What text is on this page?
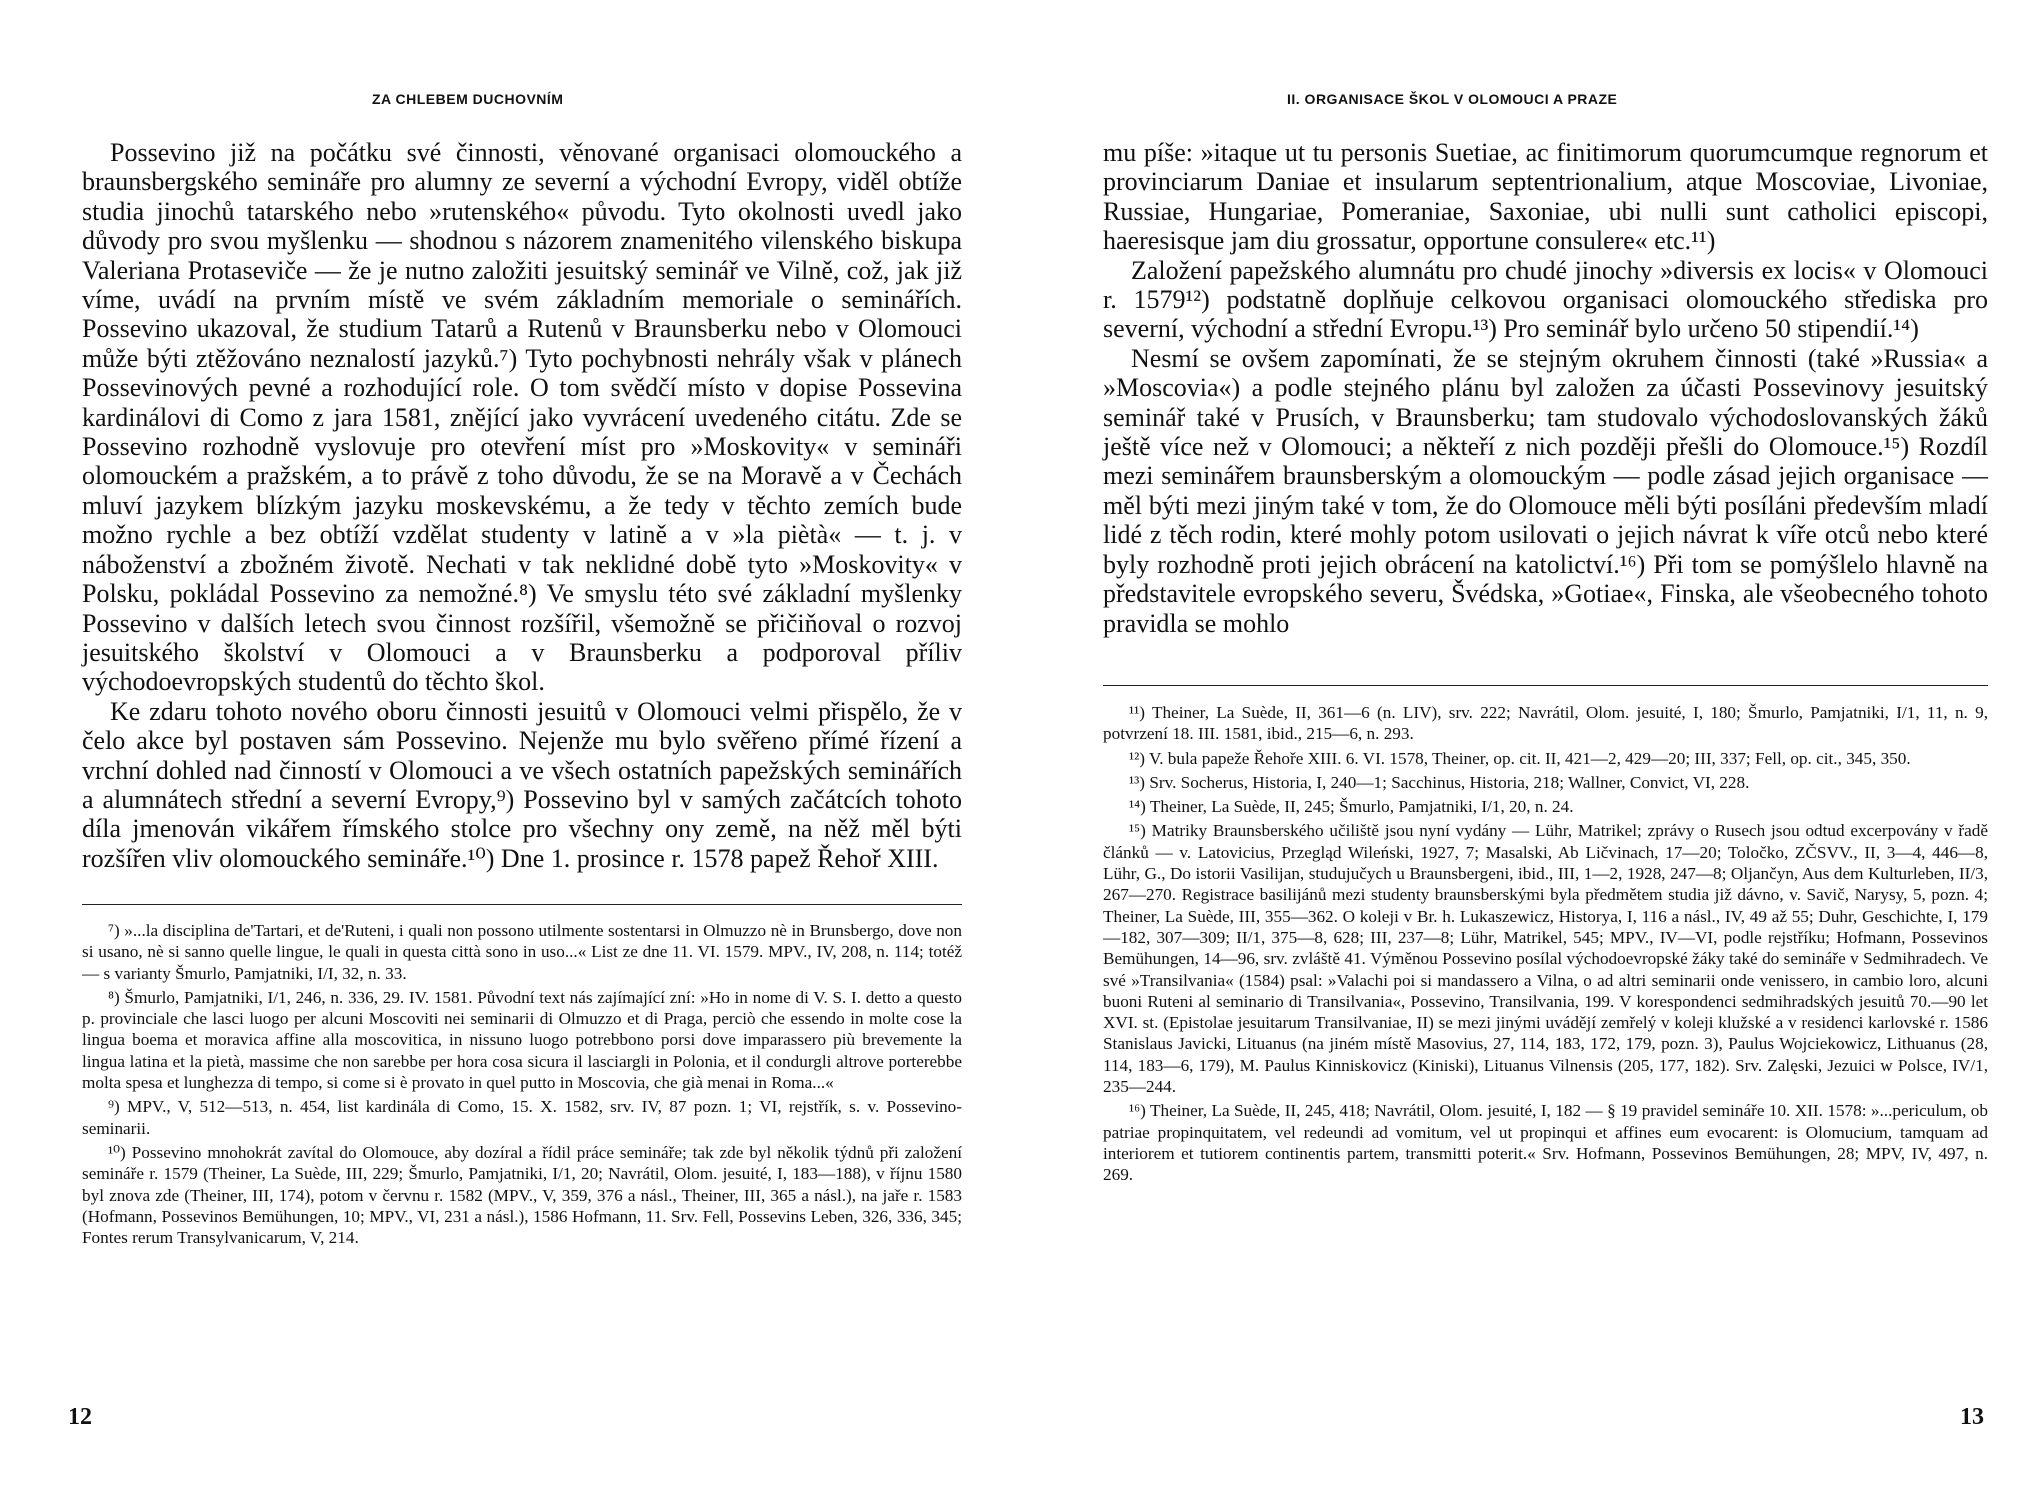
ZA CHLEBEM DUCHOVNÍM

Possevino již na počátku své činnosti, věnované organisaci olomouckého a braunsbergského semináře pro alumny ze severní a východní Evropy, viděl obtíže studia jinochů tatarského nebo »rutenského« původu. Tyto okolnosti uvedl jako důvody pro svou myšlenku — shodnou s názorem znamenitého vilenského biskupa Valeriana Protaseviče — že je nutno založiti jesuitský seminář ve Vilně, což, jak již víme, uvádí na prvním místě ve svém základním memoriale o seminářích. Possevino ukazoval, že studium Tatarů a Rutenů v Braunsberku nebo v Olomouci může býti ztěžováno neznalostí jazyků.⁷) Tyto pochybnosti nehrály však v plánech Possevinových pevné a rozhodující role. O tom svědčí místo v dopise Possevina kardinálovi di Como z jara 1581, znějící jako vyvrácení uvedeného citátu. Zde se Possevino rozhodně vyslovuje pro otevření míst pro »Moskovity« v semináři olomouckém a pražském, a to právě z toho důvodu, že se na Moravě a v Čechách mluví jazykem blízkým jazyku moskevskému, a že tedy v těchto zemích bude možno rychle a bez obtíží vzdělat studenty v latině a v »la piètà« — t. j. v náboženství a zbožném životě. Nechati v tak neklidné době tyto »Moskovity« v Polsku, pokládal Possevino za nemožné.⁸) Ve smyslu této své základní myšlenky Possevino v dalších letech svou činnost rozšířil, všemožně se přičiňoval o rozvoj jesuitského školství v Olomouci a v Braunsberku a podporoval příliv východoevropských studentů do těchto škol.

Ke zdaru tohoto nového oboru činnosti jesuitů v Olomouci velmi přispělo, že v čelo akce byl postaven sám Possevino. Nejenže mu bylo svěřeno přímé řízení a vrchní dohled nad činností v Olomouci a ve všech ostatních papežských seminářích a alumnátech střední a severní Evropy,⁹) Possevino byl v samých začátcích tohoto díla jmenován vikářem římského stolce pro všechny ony země, na něž měl býti rozšířen vliv olomouckého semináře.¹⁰) Dne 1. prosince r. 1578 papež Řehoř XIII.

⁷) »...la disciplina de'Tartari, et de'Ruteni, i quali non possono utilmente sostentarsi in Olmuzzo nè in Brunsbergo, dove non si usano, nè si sanno quelle lingue, le quali in questa città sono in uso...« List ze dne 11. VI. 1579. MPV., IV, 208, n. 114; totéž — s varianty Šmurlo, Pamjatniki, I/I, 32, n. 33.

⁸) Šmurlo, Pamjatniki, I/1, 246, n. 336, 29. IV. 1581. Původní text nás zajímající zní: »Ho in nome di V. S. I. detto a questo p. provinciale che lasci luogo per alcuni Moscoviti nei seminarii di Olmuzzo et di Praga, perciò che essendo in molte cose la lingua boema et moravica affine alla moscovitica, in nissuno luogo potrebbono porsi dove imparassero più brevemente la lingua latina et la pietà, massime che non sarebbe per hora cosa sicura il lasciargli in Polonia, et il condurgli altrove porterebbe molta spesa et lunghezza di tempo, si come si è provato in quel putto in Moscovia, che già menai in Roma...«

⁹) MPV., V, 512—513, n. 454, list kardinála di Como, 15. X. 1582, srv. IV, 87 pozn. 1; VI, rejstřík, s. v. Possevino-seminarii.

¹⁰) Possevino mnohokrát zavítal do Olomouce, aby dozíral a řídil práce semináře; tak zde byl několik týdnů při založení semináře r. 1579 (Theiner, La Suède, III, 229; Šmurlo, Pamjatniki, I/1, 20; Navrátil, Olom. jesuité, I, 183—188), v říjnu 1580 byl znova zde (Theiner, III, 174), potom v červnu r. 1582 (MPV., V, 359, 376 a násl., Theiner, III, 365 a násl.), na jaře r. 1583 (Hofmann, Possevinos Bemühungen, 10; MPV., VI, 231 a násl.), 1586 Hofmann, 11. Srv. Fell, Possevins Leben, 326, 336, 345; Fontes rerum Transylvanicarum, V, 214.

12
II. ORGANISACE ŠKOL V OLOMOUCI A PRAZE

mu píše: »itaque ut tu personis Suetiae, ac finitimorum quorumcumque regnorum et provinciarum Daniae et insularum septentrionalium, atque Moscoviae, Livoniae, Russiae, Hungariae, Pomeraniae, Saxoniae, ubi nulli sunt catholici episcopi, haeresisque jam diu grossatur, opportune consulere« etc.¹¹)

Založení papežského alumnátu pro chudé jinochy »diversis ex locis« v Olomouci r. 1579¹²) podstatně doplňuje celkovou organisaci olomouckého střediska pro severní, východní a střední Evropu.¹³) Pro seminář bylo určeno 50 stipendií.¹⁴)

Nesmí se ovšem zapomínati, že se stejným okruhem činnosti (také »Russia« a »Moscovia«) a podle stejného plánu byl založen za účasti Possevinovy jesuitský seminář také v Prusích, v Braunsberku; tam studovalo východoslovanských žáků ještě více než v Olomouci; a někteří z nich později přešli do Olomouce.¹⁵) Rozdíl mezi seminářem braunsberským a olomouckým — podle zásad jejich organisace — měl býti mezi jiným také v tom, že do Olomouce měli býti posíláni především mladí lidé z těch rodin, které mohly potom usilovati o jejich návrat k víře otců nebo které byly rozhodně proti jejich obrácení na katolictví.¹⁶) Při tom se pomýšlelo hlavně na představitele evropského severu, Švédska, »Gotiae«, Finska, ale všeobecného tohoto pravidla se mohlo

¹¹) Theiner, La Suède, II, 361—6 (n. LIV), srv. 222; Navrátil, Olom. jesuité, I, 180; Šmurlo, Pamjatniki, I/1, 11, n. 9, potvrzení 18. III. 1581, ibid., 215—6, n. 293.

¹²) V. bula papeže Řehoře XIII. 6. VI. 1578, Theiner, op. cit. II, 421—2, 429—20; III, 337; Fell, op. cit., 345, 350.

¹³) Srv. Socherus, Historia, I, 240—1; Sacchinus, Historia, 218; Wallner, Convict, VI, 228.

¹⁴) Theiner, La Suède, II, 245; Šmurlo, Pamjatniki, I/1, 20, n. 24.

¹⁵) Matriky Braunsberského učiliště jsou nyní vydány — Lühr, Matrikel; zprávy o Rusech jsou odtud excerpovány v řadě článků — v. Latovicius, Przegląd Wileński, 1927, 7; Masalski, Ab Ličvinach, 17—20; Toločko, ZČSVV., II, 3—4, 446—8, Lühr, G., Do istorii Vasilijan, studujučych u Braunsbergeni, ibid., III, 1—2, 1928, 247—8; Oljančyn, Aus dem Kulturleben, II/3, 267—270. Registrace basilijánů mezi studenty braunsberskými byla předmětem studia již dávno, v. Savič, Narysy, 5, pozn. 4; Theiner, La Suède, III, 355—362. O koleji v Br. h. Lukaszewicz, Historya, I, 116 a násl., IV, 49 až 55; Duhr, Geschichte, I, 179—182, 307—309; II/1, 375—8, 628; III, 237—8; Lühr, Matrikel, 545; MPV., IV—VI, podle rejstříku; Hofmann, Possevinos Bemühungen, 14—96, srv. zvláště 41. Výměnou Possevino posílal východoevropské žáky také do semináře v Sedmihradech. Ve své »Transilvania« (1584) psal: »Valachi poi si mandassero a Vilna, o ad altri seminarii onde venissero, in cambio loro, alcuni buoni Ruteni al seminario di Transilvania«, Possevino, Transilvania, 199. V korespondenci sedmihradských jesuitů 70.—90 let XVI. st. (Epistolae jesuitarum Transilvaniae, II) se mezi jinými uvádějí zemřelý v koleji klužské a v residenci karlovské r. 1586 Stanislaus Javicki, Lituanus (na jiném místě Masovius, 27, 114, 183, 172, 179, pozn. 3), Paulus Wojciekowicz, Lithuanus (28, 114, 183—6, 179), M. Paulus Kinniskovicz (Kiniski), Lituanus Vilnensis (205, 177, 182). Srv. Zalęski, Jezuici w Polsce, IV/1, 235—244.

¹⁶) Theiner, La Suède, II, 245, 418; Navrátil, Olom. jesuité, I, 182 — § 19 pravidel semináře 10. XII. 1578: »...periculum, ob patriae propinquitatem, vel redeundi ad vomitum, vel ut propinqui et affines eum evocarent: is Olomucium, tamquam ad interiorem et tutiorem continentis partem, transmitti poterit.« Srv. Hofmann, Possevinos Bemühungen, 28; MPV, IV, 497, n. 269.

13
